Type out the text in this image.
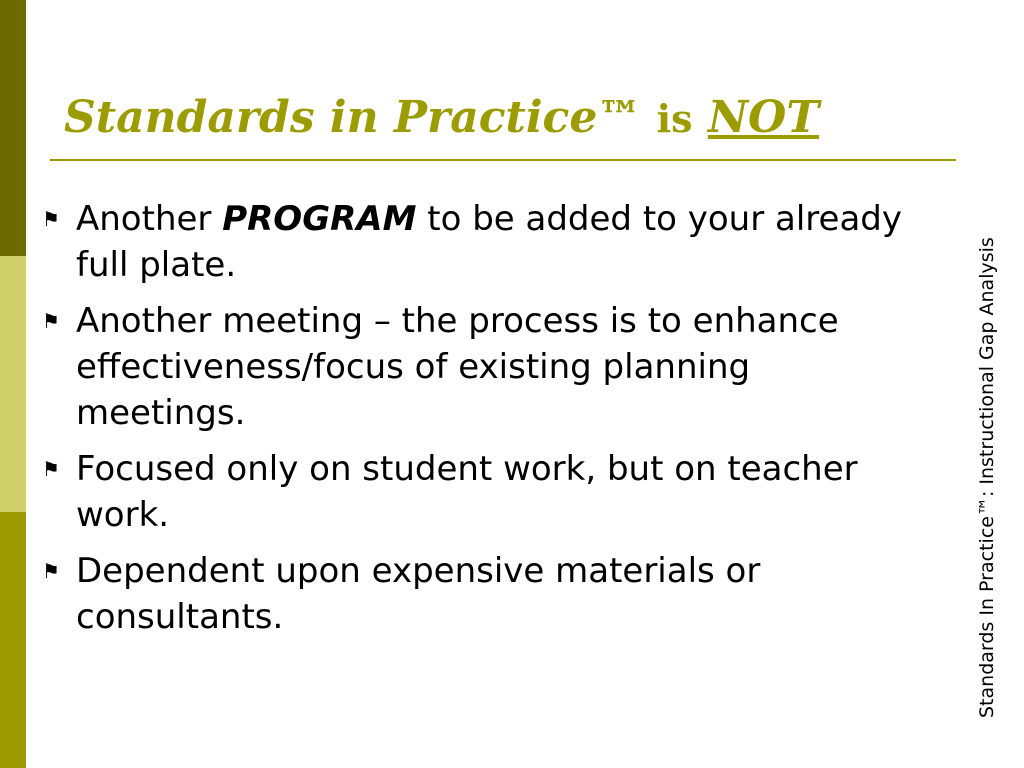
Standards in Practice™ is NOT
⚑ Another PROGRAM to be added to your already full plate.
⚑ Another meeting – the process is to enhance effectiveness/focus of existing planning meetings.
⚑ Focused only on student work, but on teacher work.
⚑ Dependent upon expensive materials or consultants.	Standards In Practice™: Instructional Gap Analysis
